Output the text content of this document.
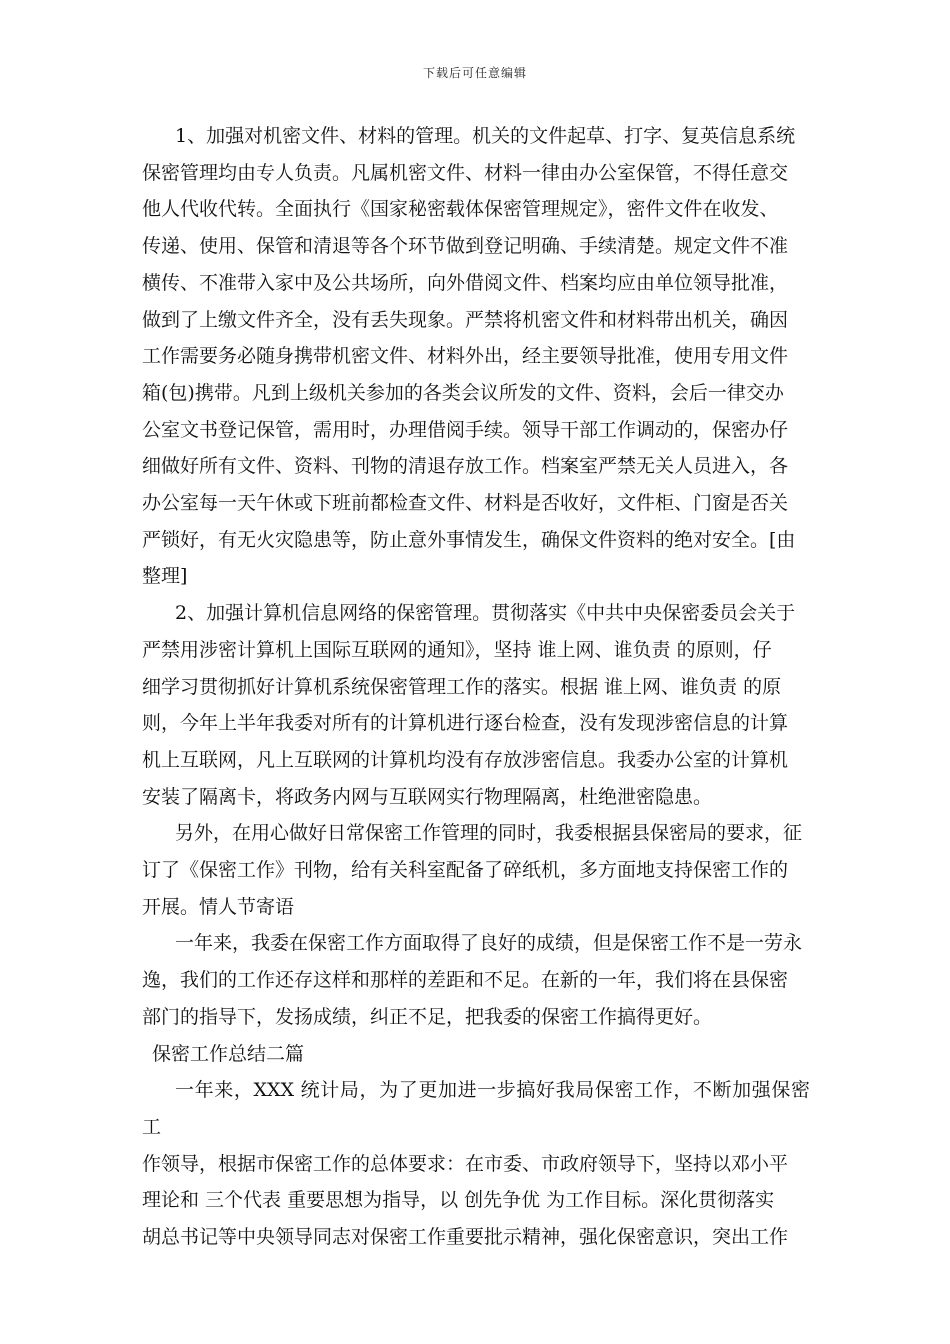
下载后可任意编辑

1、加强对机密文件、材料的管理。机关的文件起草、打字、复英信息系统
保密管理均由专人负责。凡属机密文件、材料一律由办公室保管，不得任意交
他人代收代转。全面执行《国家秘密载体保密管理规定》，密件文件在收发、
传递、使用、保管和清退等各个环节做到登记明确、手续清楚。规定文件不准
横传、不准带入家中及公共场所，向外借阅文件、档案均应由单位领导批准，
做到了上缴文件齐全，没有丢失现象。严禁将机密文件和材料带出机关，确因
工作需要务必随身携带机密文件、材料外出，经主要领导批准，使用专用文件
箱(包)携带。凡到上级机关参加的各类会议所发的文件、资料，会后一律交办
公室文书登记保管，需用时，办理借阅手续。领导干部工作调动的，保密办仔
细做好所有文件、资料、刊物的清退存放工作。档案室严禁无关人员进入，各
办公室每一天午休或下班前都检查文件、材料是否收好，文件柜、门窗是否关
严锁好，有无火灾隐患等，防止意外事情发生，确保文件资料的绝对安全。[由
整理]

2、加强计算机信息网络的保密管理。贯彻落实《中共中央保密委员会关于
严禁用涉密计算机上国际互联网的通知》，坚持 谁上网、谁负责 的原则，仔
细学习贯彻抓好计算机系统保密管理工作的落实。根据 谁上网、谁负责 的原
则，今年上半年我委对所有的计算机进行逐台检查，没有发现涉密信息的计算
机上互联网，凡上互联网的计算机均没有存放涉密信息。我委办公室的计算机
安装了隔离卡，将政务内网与互联网实行物理隔离，杜绝泄密隐患。

另外，在用心做好日常保密工作管理的同时，我委根据县保密局的要求，征
订了《保密工作》刊物，给有关科室配备了碎纸机，多方面地支持保密工作的
开展。情人节寄语

一年来，我委在保密工作方面取得了良好的成绩，但是保密工作不是一劳永
逸，我们的工作还存这样和那样的差距和不足。在新的一年，我们将在县保密
部门的指导下，发扬成绩，纠正不足，把我委的保密工作搞得更好。

保密工作总结二篇

一年来，XXX 统计局，为了更加进一步搞好我局保密工作，不断加强保密工
作领导，根据市保密工作的总体要求：在市委、市政府领导下，坚持以邓小平
理论和 三个代表 重要思想为指导，以 创先争优 为工作目标。深化贯彻落实
胡总书记等中央领导同志对保密工作重要批示精神，强化保密意识，突出工作
